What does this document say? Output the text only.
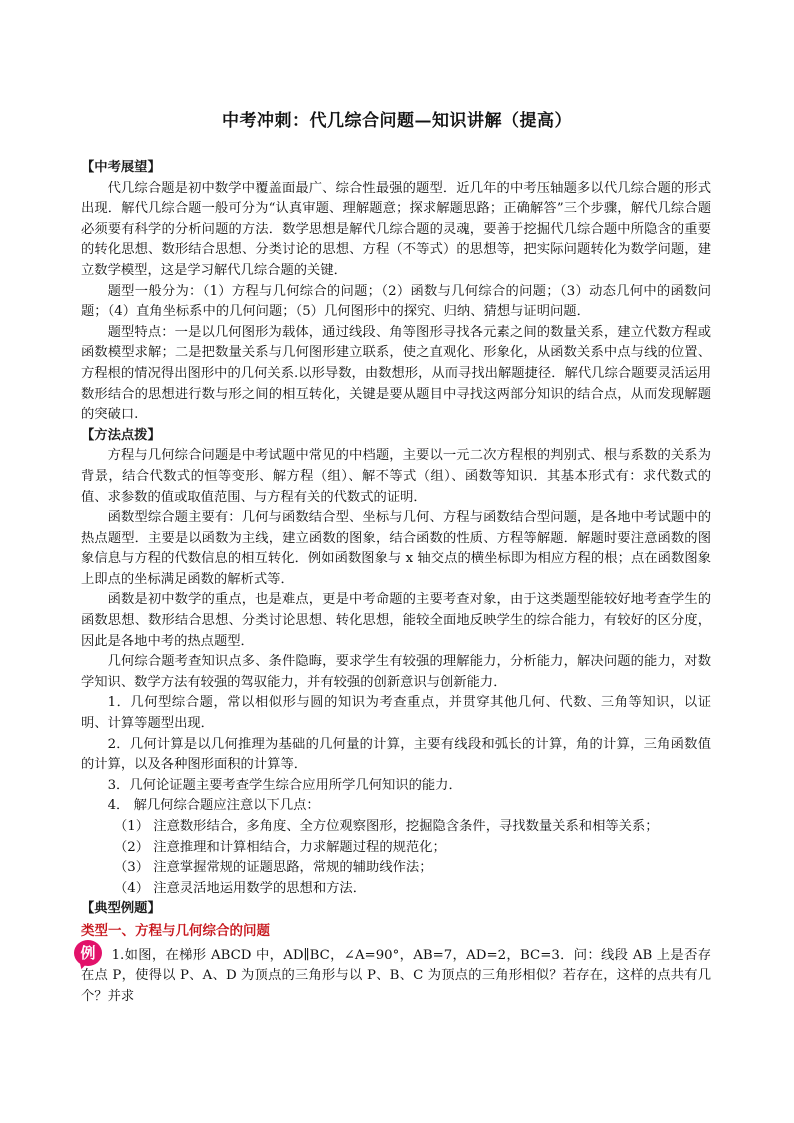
中考冲刺：代几综合问题—知识讲解（提高）

【中考展望】

代几综合题是初中数学中覆盖面最广、综合性最强的题型．近几年的中考压轴题多以代几综合题的形式出现．解代几综合题一般可分为“认真审题、理解题意；探求解题思路；正确解答”三个步骤，解代几综合题必须要有科学的分析问题的方法．数学思想是解代几综合题的灵魂，要善于挖掘代几综合题中所隐含的重要的转化思想、数形结合思想、分类讨论的思想、方程（不等式）的思想等，把实际问题转化为数学问题，建立数学模型，这是学习解代几综合题的关键．

题型一般分为：（1）方程与几何综合的问题；（2）函数与几何综合的问题；（3）动态几何中的函数问题；（4）直角坐标系中的几何问题；（5）几何图形中的探究、归纳、猜想与证明问题．

题型特点：一是以几何图形为载体，通过线段、角等图形寻找各元素之间的数量关系，建立代数方程或函数模型求解；二是把数量关系与几何图形建立联系，使之直观化、形象化，从函数关系中点与线的位置、方程根的情况得出图形中的几何关系.以形导数，由数想形，从而寻找出解题捷径．解代几综合题要灵活运用数形结合的思想进行数与形之间的相互转化，关键是要从题目中寻找这两部分知识的结合点，从而发现解题的突破口.

【方法点拨】

方程与几何综合问题是中考试题中常见的中档题，主要以一元二次方程根的判别式、根与系数的关系为背景，结合代数式的恒等变形、解方程（组）、解不等式（组）、函数等知识．其基本形式有：求代数式的值、求参数的值或取值范围、与方程有关的代数式的证明．

函数型综合题主要有：几何与函数结合型、坐标与几何、方程与函数结合型问题，是各地中考试题中的热点题型．主要是以函数为主线，建立函数的图象，结合函数的性质、方程等解题．解题时要注意函数的图象信息与方程的代数信息的相互转化．例如函数图象与 x 轴交点的横坐标即为相应方程的根；点在函数图象上即点的坐标满足函数的解析式等．

函数是初中数学的重点，也是难点，更是中考命题的主要考查对象，由于这类题型能较好地考查学生的函数思想、数形结合思想、分类讨论思想、转化思想，能较全面地反映学生的综合能力，有较好的区分度，因此是各地中考的热点题型．

几何综合题考查知识点多、条件隐晦，要求学生有较强的理解能力，分析能力，解决问题的能力，对数学知识、数学方法有较强的驾驭能力，并有较强的创新意识与创新能力．

1．几何型综合题，常以相似形与圆的知识为考查重点，并贯穿其他几何、代数、三角等知识，以证明、计算等题型出现．

2．几何计算是以几何推理为基础的几何量的计算，主要有线段和弧长的计算，角的计算，三角函数值的计算，以及各种图形面积的计算等．

3．几何论证题主要考查学生综合应用所学几何知识的能力．

4． 解几何综合题应注意以下几点：

（1） 注意数形结合，多角度、全方位观察图形，挖掘隐含条件，寻找数量关系和相等关系；

（2） 注意推理和计算相结合，力求解题过程的规范化；

（3） 注意掌握常规的证题思路，常规的辅助线作法；

（4） 注意灵活地运用数学的思想和方法．

【典型例题】

类型一、方程与几何综合的问题

例	1.如图，在梯形 ABCD 中，AD∥BC，∠A=90°，AB=7，AD=2，BC=3．问：线段 AB 上是否存在点 P，使得以 P、A、D 为顶点的三角形与以 P、B、C 为顶点的三角形相似？若存在，这样的点共有几个？并求
